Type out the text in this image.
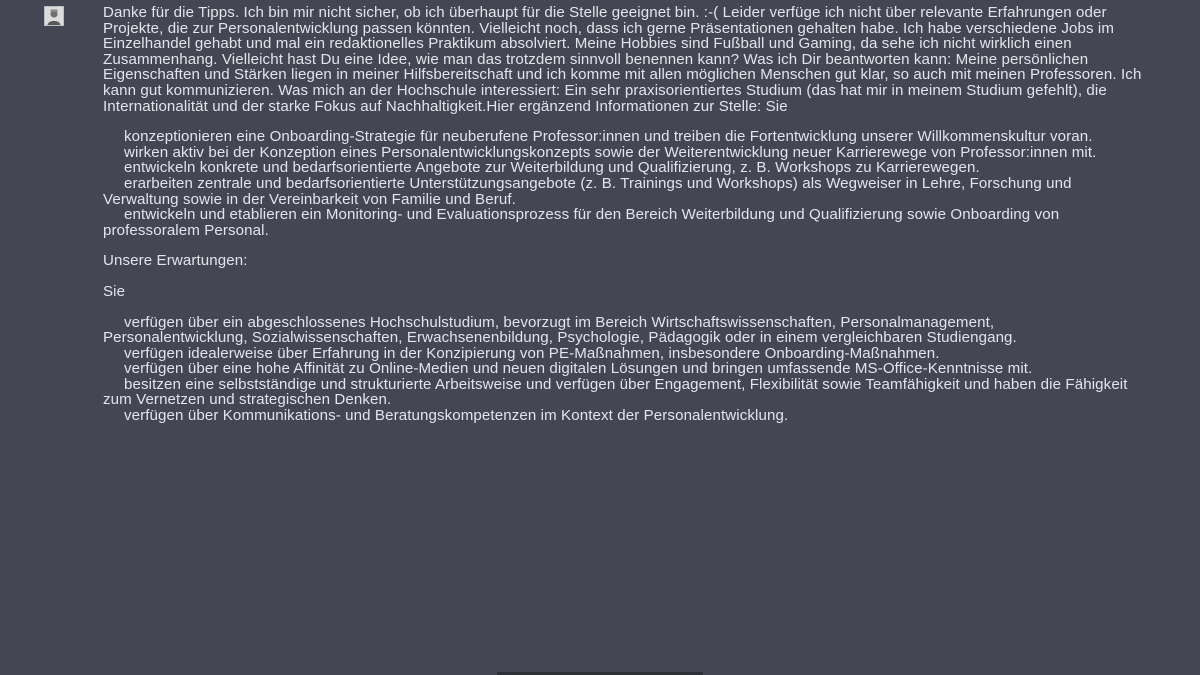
Danke für die Tipps. Ich bin mir nicht sicher, ob ich überhaupt für die Stelle geeignet bin. :-( Leider verfüge ich nicht über relevante Erfahrungen oder Projekte, die zur Personalentwicklung passen könnten. Vielleicht noch, dass ich gerne Präsentationen gehalten habe. Ich habe verschiedene Jobs im Einzelhandel gehabt und mal ein redaktionelles Praktikum absolviert. Meine Hobbies sind Fußball und Gaming, da sehe ich nicht wirklich einen Zusammenhang. Vielleicht hast Du eine Idee, wie man das trotzdem sinnvoll benennen kann? Was ich Dir beantworten kann: Meine persönlichen Eigenschaften und Stärken liegen in meiner Hilfsbereitschaft und ich komme mit allen möglichen Menschen gut klar, so auch mit meinen Professoren. Ich kann gut kommunizieren. Was mich an der Hochschule interessiert: Ein sehr praxisorientiertes Studium (das hat mir in meinem Studium gefehlt), die Internationalität und der starke Fokus auf Nachhaltigkeit.Hier ergänzend Informationen zur Stelle: Sie

konzeptionieren eine Onboarding-Strategie für neuberufene Professor:innen und treiben die Fortentwicklung unserer Willkommenskultur voran.
wirken aktiv bei der Konzeption eines Personalentwicklungskonzepts sowie der Weiterentwicklung neuer Karrierewege von Professor:innen mit.
entwickeln konkrete und bedarfsorientierte Angebote zur Weiterbildung und Qualifizierung, z. B. Workshops zu Karrierewegen.
erarbeiten zentrale und bedarfsorientierte Unterstützungsangebote (z. B. Trainings und Workshops) als Wegweiser in Lehre, Forschung und Verwaltung sowie in der Vereinbarkeit von Familie und Beruf.
entwickeln und etablieren ein Monitoring- und Evaluationsprozess für den Bereich Weiterbildung und Qualifizierung sowie Onboarding von professoralem Personal.

Unsere Erwartungen:

Sie

verfügen über ein abgeschlossenes Hochschulstudium, bevorzugt im Bereich Wirtschaftswissenschaften, Personalmanagement, Personalentwicklung, Sozialwissenschaften, Erwachsenenbildung, Psychologie, Pädagogik oder in einem vergleichbaren Studiengang.
verfügen idealerweise über Erfahrung in der Konzipierung von PE-Maßnahmen, insbesondere Onboarding-Maßnahmen.
verfügen über eine hohe Affinität zu Online-Medien und neuen digitalen Lösungen und bringen umfassende MS-Office-Kenntnisse mit.
besitzen eine selbstständige und strukturierte Arbeitsweise und verfügen über Engagement, Flexibilität sowie Teamfähigkeit und haben die Fähigkeit zum Vernetzen und strategischen Denken.
verfügen über Kommunikations- und Beratungskompetenzen im Kontext der Personalentwicklung.
